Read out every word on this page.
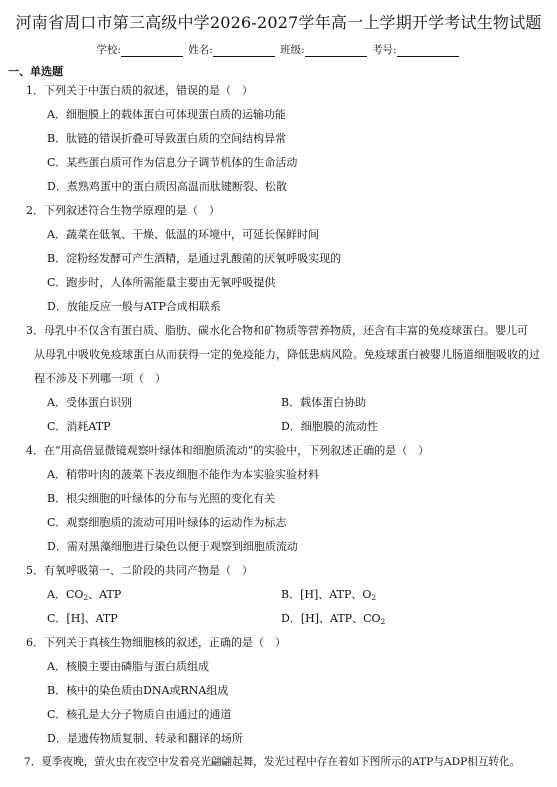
河南省周口市第三高级中学2026-2027学年高一上学期开学考试生物试题
学校:	姓名:	班级:	考号:
一、单选题
1．下列关于中蛋白质的叙述，错误的是（　）
A．细胞膜上的载体蛋白可体现蛋白质的运输功能
B．肽链的错误折叠可导致蛋白质的空间结构异常
C．某些蛋白质可作为信息分子调节机体的生命活动
D．煮熟鸡蛋中的蛋白质因高温而肽键断裂、松散
2．下列叙述符合生物学原理的是（　）
A．蔬菜在低氧、干燥、低温的环境中，可延长保鲜时间
B．淀粉经发酵可产生酒精，是通过乳酸菌的厌氧呼吸实现的
C．跑步时，人体所需能量主要由无氧呼吸提供
D．放能反应一般与ATP合成相联系
3．母乳中不仅含有蛋白质、脂肪、碳水化合物和矿物质等营养物质，还含有丰富的免疫球蛋白。婴儿可
从母乳中吸收免疫球蛋白从而获得一定的免疫能力，降低患病风险。免疫球蛋白被婴儿肠道细胞吸收的过
程不涉及下列哪一项（　）
A．受体蛋白识别	B．载体蛋白协助
C．消耗ATP	D．细胞膜的流动性
4．在“用高倍显微镜观察叶绿体和细胞质流动”的实验中，下列叙述正确的是（　）
A．稍带叶肉的菠菜下表皮细胞不能作为本实验实验材料
B．根尖细胞的叶绿体的分布与光照的变化有关
C．观察细胞质的流动可用叶绿体的运动作为标志
D．需对黑藻细胞进行染色以便于观察到细胞质流动
5．有氧呼吸第一、二阶段的共同产物是（　）
A．$CO_2$、ATP	B．[H]、ATP、$O_2$
C．[H]、ATP	D．[H]、ATP、$CO_2$
6．下列关于真核生物细胞核的叙述，正确的是（　）
A．核膜主要由磷脂与蛋白质组成
B．核中的染色质由DNA或RNA组成
C．核孔是大分子物质自由通过的通道
D．是遗传物质复制、转录和翻译的场所
7．夏季夜晚，萤火虫在夜空中发着亮光翩翩起舞，发光过程中存在着如下图所示的ATP与ADP相互转化。
